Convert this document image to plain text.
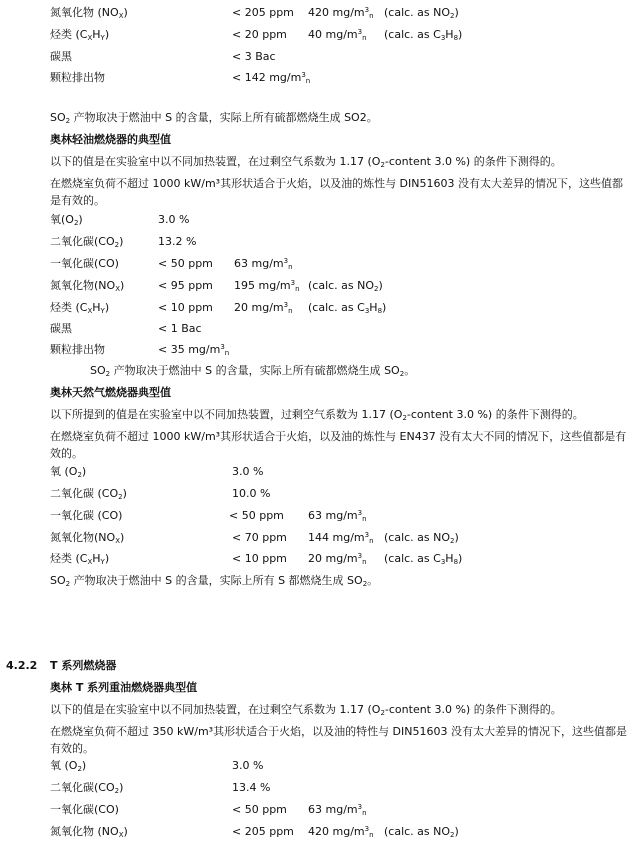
氮氧化物 $(NO_X)$	< 205 ppm 420 $mg/m^3_n$ (calc. as $NO_2$)
烃类 $(C_XH_Y)$	< 20 ppm 40 $mg/m^3_n$ (calc. as $C_3H_8$)
碳黑	< 3 Bac
颗粒排出物	< 142 $mg/m^3_n$
$SO_2$ 产物取决于燃油中 S 的含量，实际上所有硫都燃烧生成 SO2。
奥林轻油燃烧器的典型值
以下的值是在实验室中以不同加热装置，在过剩空气系数为 1.17 ($O_2$-content 3.0 %) 的条件下测得的。
在燃烧室负荷不超过 1000 kW/m³其形状适合于火焰，以及油的炼性与 DIN51603 没有太大差异的情况下，这些值都是有效的。
氧$(O_2)$	3.0 %
二氧化碳$(CO_2)$	13.2 %
一氧化碳(CO)	< 50 ppm 63 $mg/m^3_n$
氮氧化物$(NO_X)$	< 95 ppm 195 $mg/m^3_n$ (calc. as $NO_2$)
烃类 $(C_XH_Y)$	< 10 ppm 20 $mg/m^3_n$ (calc. as $C_3H_8$)
碳黑	< 1 Bac
颗粒排出物	< 35 $mg/m^3_n$
$SO_2$ 产物取决于燃油中 S 的含量，实际上所有硫都燃烧生成 $SO_2$。
奥林天然气燃烧器典型值
以下所提到的值是在实验室中以不同加热装置，过剩空气系数为 1.17 ($O_2$-content 3.0 %) 的条件下测得的。
在燃烧室负荷不超过 1000 kW/m³其形状适合于火焰，以及油的炼性与 EN437 没有太大不同的情况下，这些值都是有效的。
氧 $(O_2)$	3.0 %
二氧化碳 $(CO_2)$	10.0 %
一氧化碳 (CO)	< 50 ppm 63 $mg/m^3_n$
氮氧化物$(NO_X)$	< 70 ppm 144 $mg/m^3_n$ (calc. as $NO_2$)
烃类 $(C_XH_Y)$	< 10 ppm 20 $mg/m^3_n$ (calc. as $C_3H_8$)
$SO_2$ 产物取决于燃油中 S 的含量，实际上所有 S 都燃烧生成 $SO_2$。
4.2.2 T 系列燃烧器
奥林 T 系列重油燃烧器典型值
以下的值是在实验室中以不同加热装置，在过剩空气系数为 1.17 ($O_2$-content 3.0 %) 的条件下测得的。
在燃烧室负荷不超过 350 kW/m³其形状适合于火焰，以及油的特性与 DIN51603 没有太大差异的情况下，这些值都是有效的。
氧 $(O_2)$	3.0 %
二氧化碳$(CO_2)$	13.4 %
一氧化碳(CO)	< 50 ppm 63 $mg/m^3_n$
氮氧化物 $(NO_X)$	< 205 ppm 420 $mg/m^3_n$ (calc. as $NO_2$)
